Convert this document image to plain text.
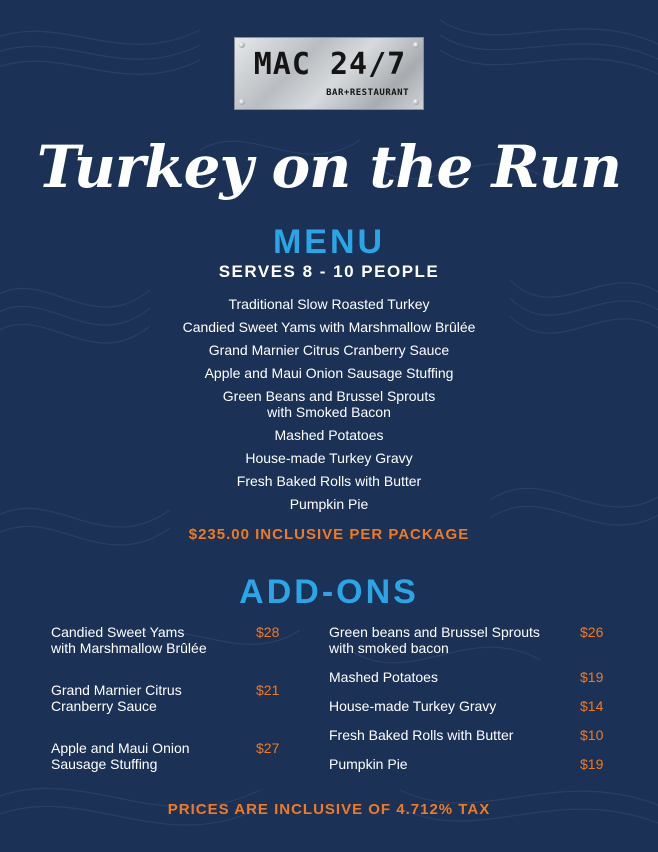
MAC 24/7
BAR+RESTAURANT
Turkey on the Run
MENU
SERVES 8 - 10 PEOPLE
Traditional Slow Roasted Turkey
Candied Sweet Yams with Marshmallow Brûlée
Grand Marnier Citrus Cranberry Sauce
Apple and Maui Onion Sausage Stuffing
Green Beans and Brussel Sprouts
with Smoked Bacon
Mashed Potatoes
House-made Turkey Gravy
Fresh Baked Rolls with Butter
Pumpkin Pie
$235.00 INCLUSIVE PER PACKAGE
ADD-ONS
Candied Sweet Yams
with Marshmallow Brûlée
$28
Grand Marnier Citrus
Cranberry Sauce
$21
Apple and Maui Onion
Sausage Stuffing
$27
Green beans and Brussel Sprouts
with smoked bacon
$26
Mashed Potatoes	$19
House-made Turkey Gravy	$14
Fresh Baked Rolls with Butter	$10
Pumpkin Pie	$19
PRICES ARE INCLUSIVE OF 4.712% TAX
